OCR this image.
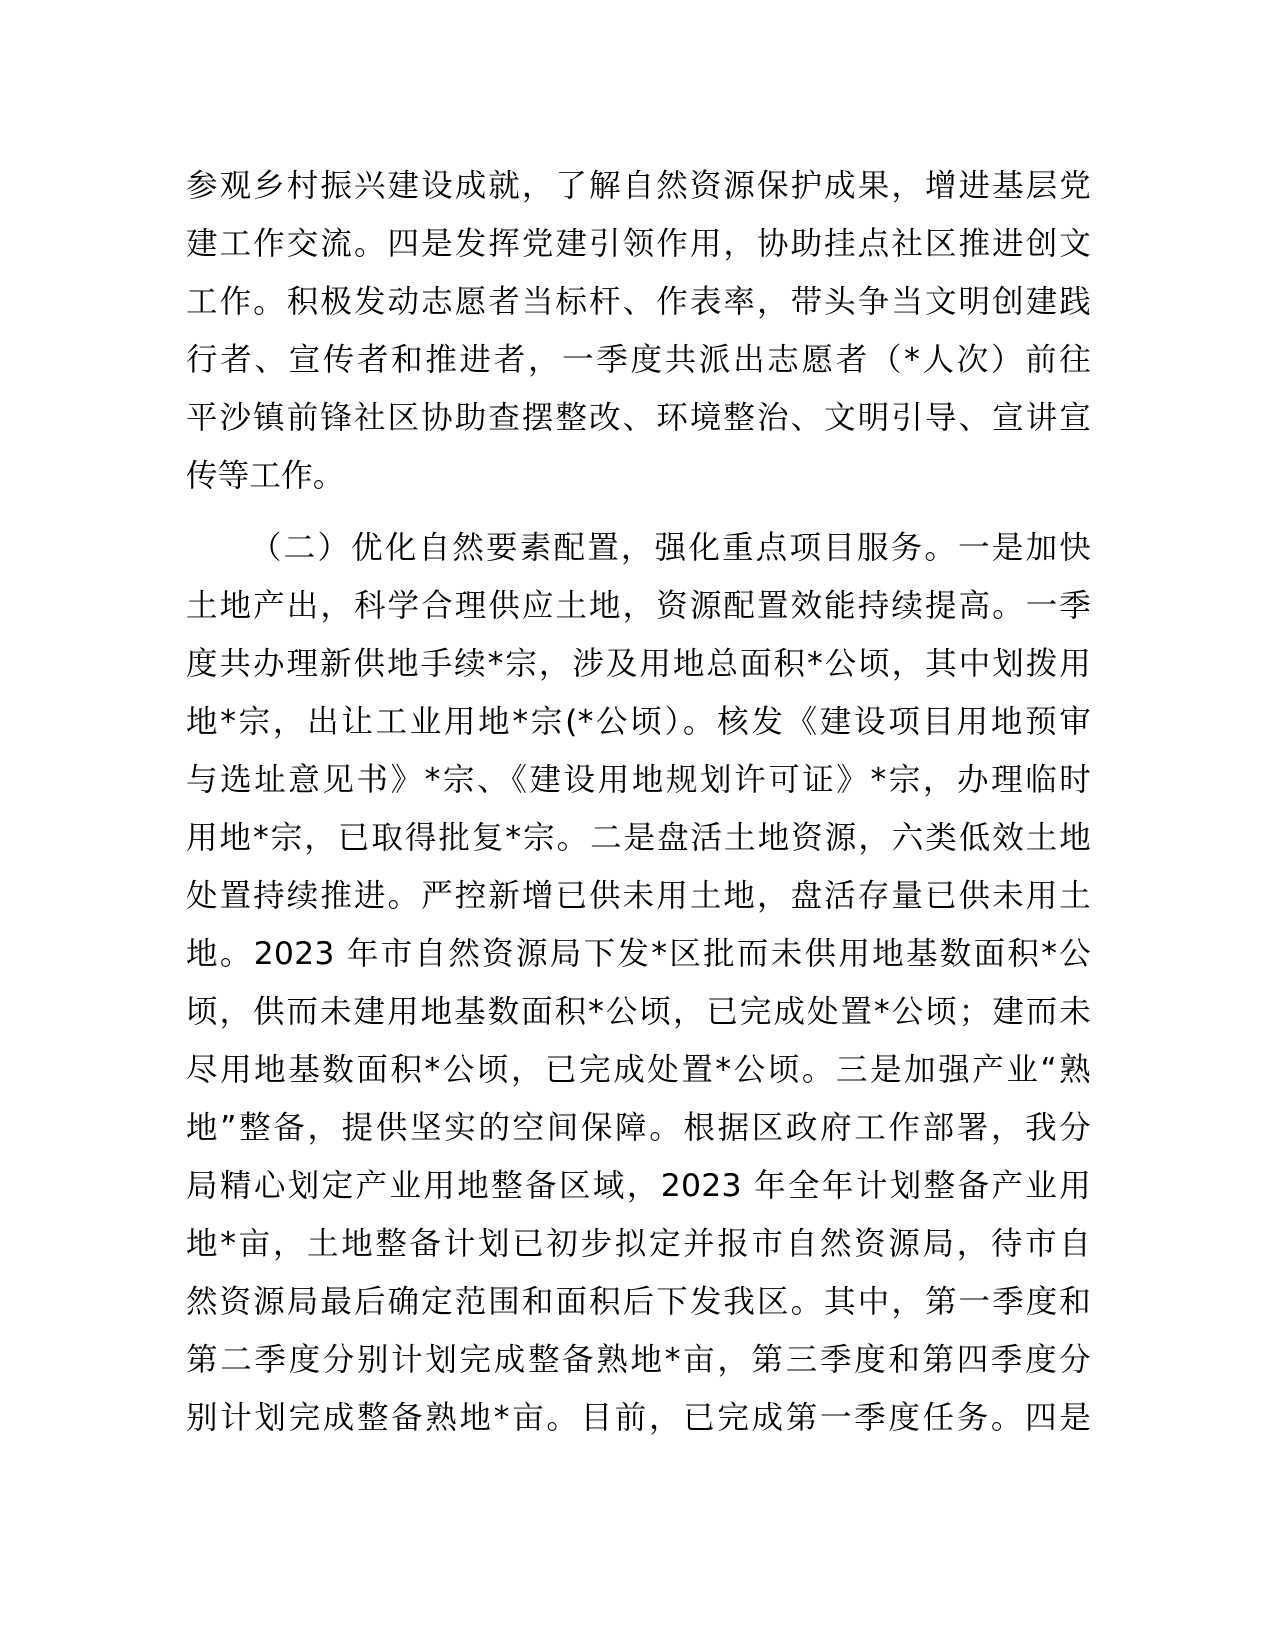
参观乡村振兴建设成就，了解自然资源保护成果，增进基层党
建工作交流。四是发挥党建引领作用，协助挂点社区推进创文
工作。积极发动志愿者当标杆、作表率，带头争当文明创建践
行者、宣传者和推进者，一季度共派出志愿者（*人次）前往
平沙镇前锋社区协助查摆整改、环境整治、文明引导、宣讲宣
传等工作。
（二）优化自然要素配置，强化重点项目服务。一是加快
土地产出，科学合理供应土地，资源配置效能持续提高。一季
度共办理新供地手续*宗，涉及用地总面积*公顷，其中划拨用
地*宗，出让工业用地*宗(*公顷）。核发《建设项目用地预审
与选址意见书》*宗、《建设用地规划许可证》*宗，办理临时
用地*宗，已取得批复*宗。二是盘活土地资源，六类低效土地
处置持续推进。严控新增已供未用土地，盘活存量已供未用土
地。2023 年市自然资源局下发*区批而未供用地基数面积*公
顷，供而未建用地基数面积*公顷，已完成处置*公顷；建而未
尽用地基数面积*公顷，已完成处置*公顷。三是加强产业“熟
地”整备，提供坚实的空间保障。根据区政府工作部署，我分
局精心划定产业用地整备区域，2023 年全年计划整备产业用
地*亩，土地整备计划已初步拟定并报市自然资源局，待市自
然资源局最后确定范围和面积后下发我区。其中，第一季度和
第二季度分别计划完成整备熟地*亩，第三季度和第四季度分
别计划完成整备熟地*亩。目前，已完成第一季度任务。四是
